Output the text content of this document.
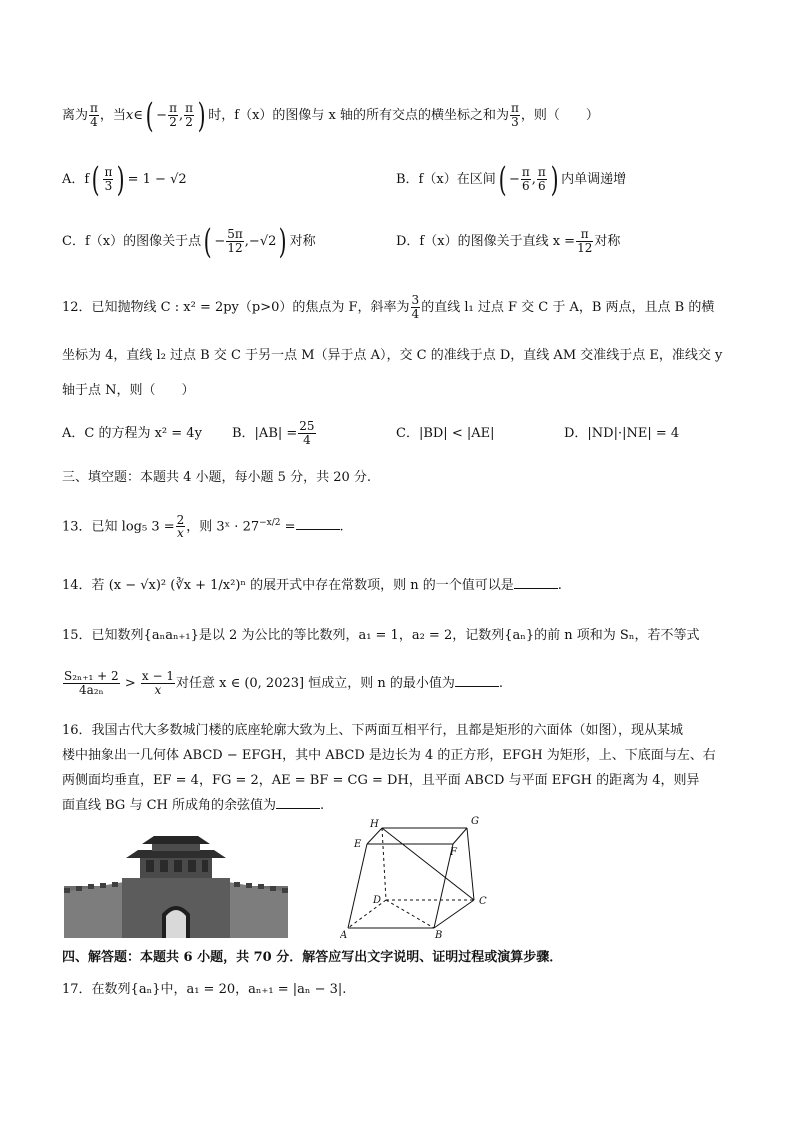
离为 $\frac{\pi}{4}$ ，当x∈( − $\frac{\pi}{2}$ , $\frac{\pi}{2}$ ) 时，f（x）的图像与 x 轴的所有交点的横坐标之和为 $\frac{\pi}{3}$ ，则（　　）
A．$f( \frac{\pi}{3}$ ) = 1 − √2	B．f（x）在区间( − $\frac{\pi}{6}$ , $\frac{\pi}{6}$ ) 内单调递增
C．f（x）的图像关于点( − $\frac{5\pi}{12} ,-√2$) 对称	D．f（x）的图像关于直线 $x = \frac{\pi}{12}$ 对称
12．已知抛物线 C : x² = 2py（p>0）的焦点为 F，斜率为 $\frac{3}{4}$ 的直线 l₁ 过点 F 交 C 于 A，B 两点，且点 B 的横
坐标为 4，直线 l₂ 过点 B 交 C 于另一点 M（异于点 A），交 C 的准线于点 D，直线 AM 交准线于点 E，准线交 y
轴于点 N，则（　　）
A．C 的方程为 x² = 4y B．$|AB| = \frac{25}{4}$	C．|BD| < |AE|	D．|ND|·|NE| = 4
三、填空题：本题共 4 小题，每小题 5 分，共 20 分.
13．已知 log₅ $3 = \frac{2}{x}$ ，则 3ˣ · $27^{-x/2}$ =	.
14．若 (x − √x)² (∛x + 1/x²)ⁿ 的展开式中存在常数项，则 n 的一个值可以是	.
15．已知数列{aₙaₙ₊₁}是以 2 为公比的等比数列，a₁ = 1，a₂ = 2，记数列{aₙ}的前 n 项和为 Sₙ，若不等式
$\frac{\text{S₂ₙ₊₁ + 2}}{\text{4a₂ₙ}} > \frac{x - 1}{x}$ 对任意 x ∈ (0, 2023] 恒成立，则 n 的最小值为	.
16．我国古代大多数城门楼的底座轮廓大致为上、下两面互相平行，且都是矩形的六面体（如图），现从某城
楼中抽象出一几何体 ABCD − EFGH，其中 ABCD 是边长为 4 的正方形，EFGH 为矩形，上、下底面与左、右
两侧面均垂直，EF = 4，FG = 2，AE = BF = CG = DH，且平面 ABCD 与平面 EFGH 的距离为 4，则异
面直线 BG 与 CH 所成角的余弦值为	.
H	G
E
F
D	C
A	B
四、解答题：本题共 6 小题，共 70 分．解答应写出文字说明、证明过程或演算步骤．
17．在数列{aₙ}中，a₁ = 20，aₙ₊₁ = |aₙ − 3|.
